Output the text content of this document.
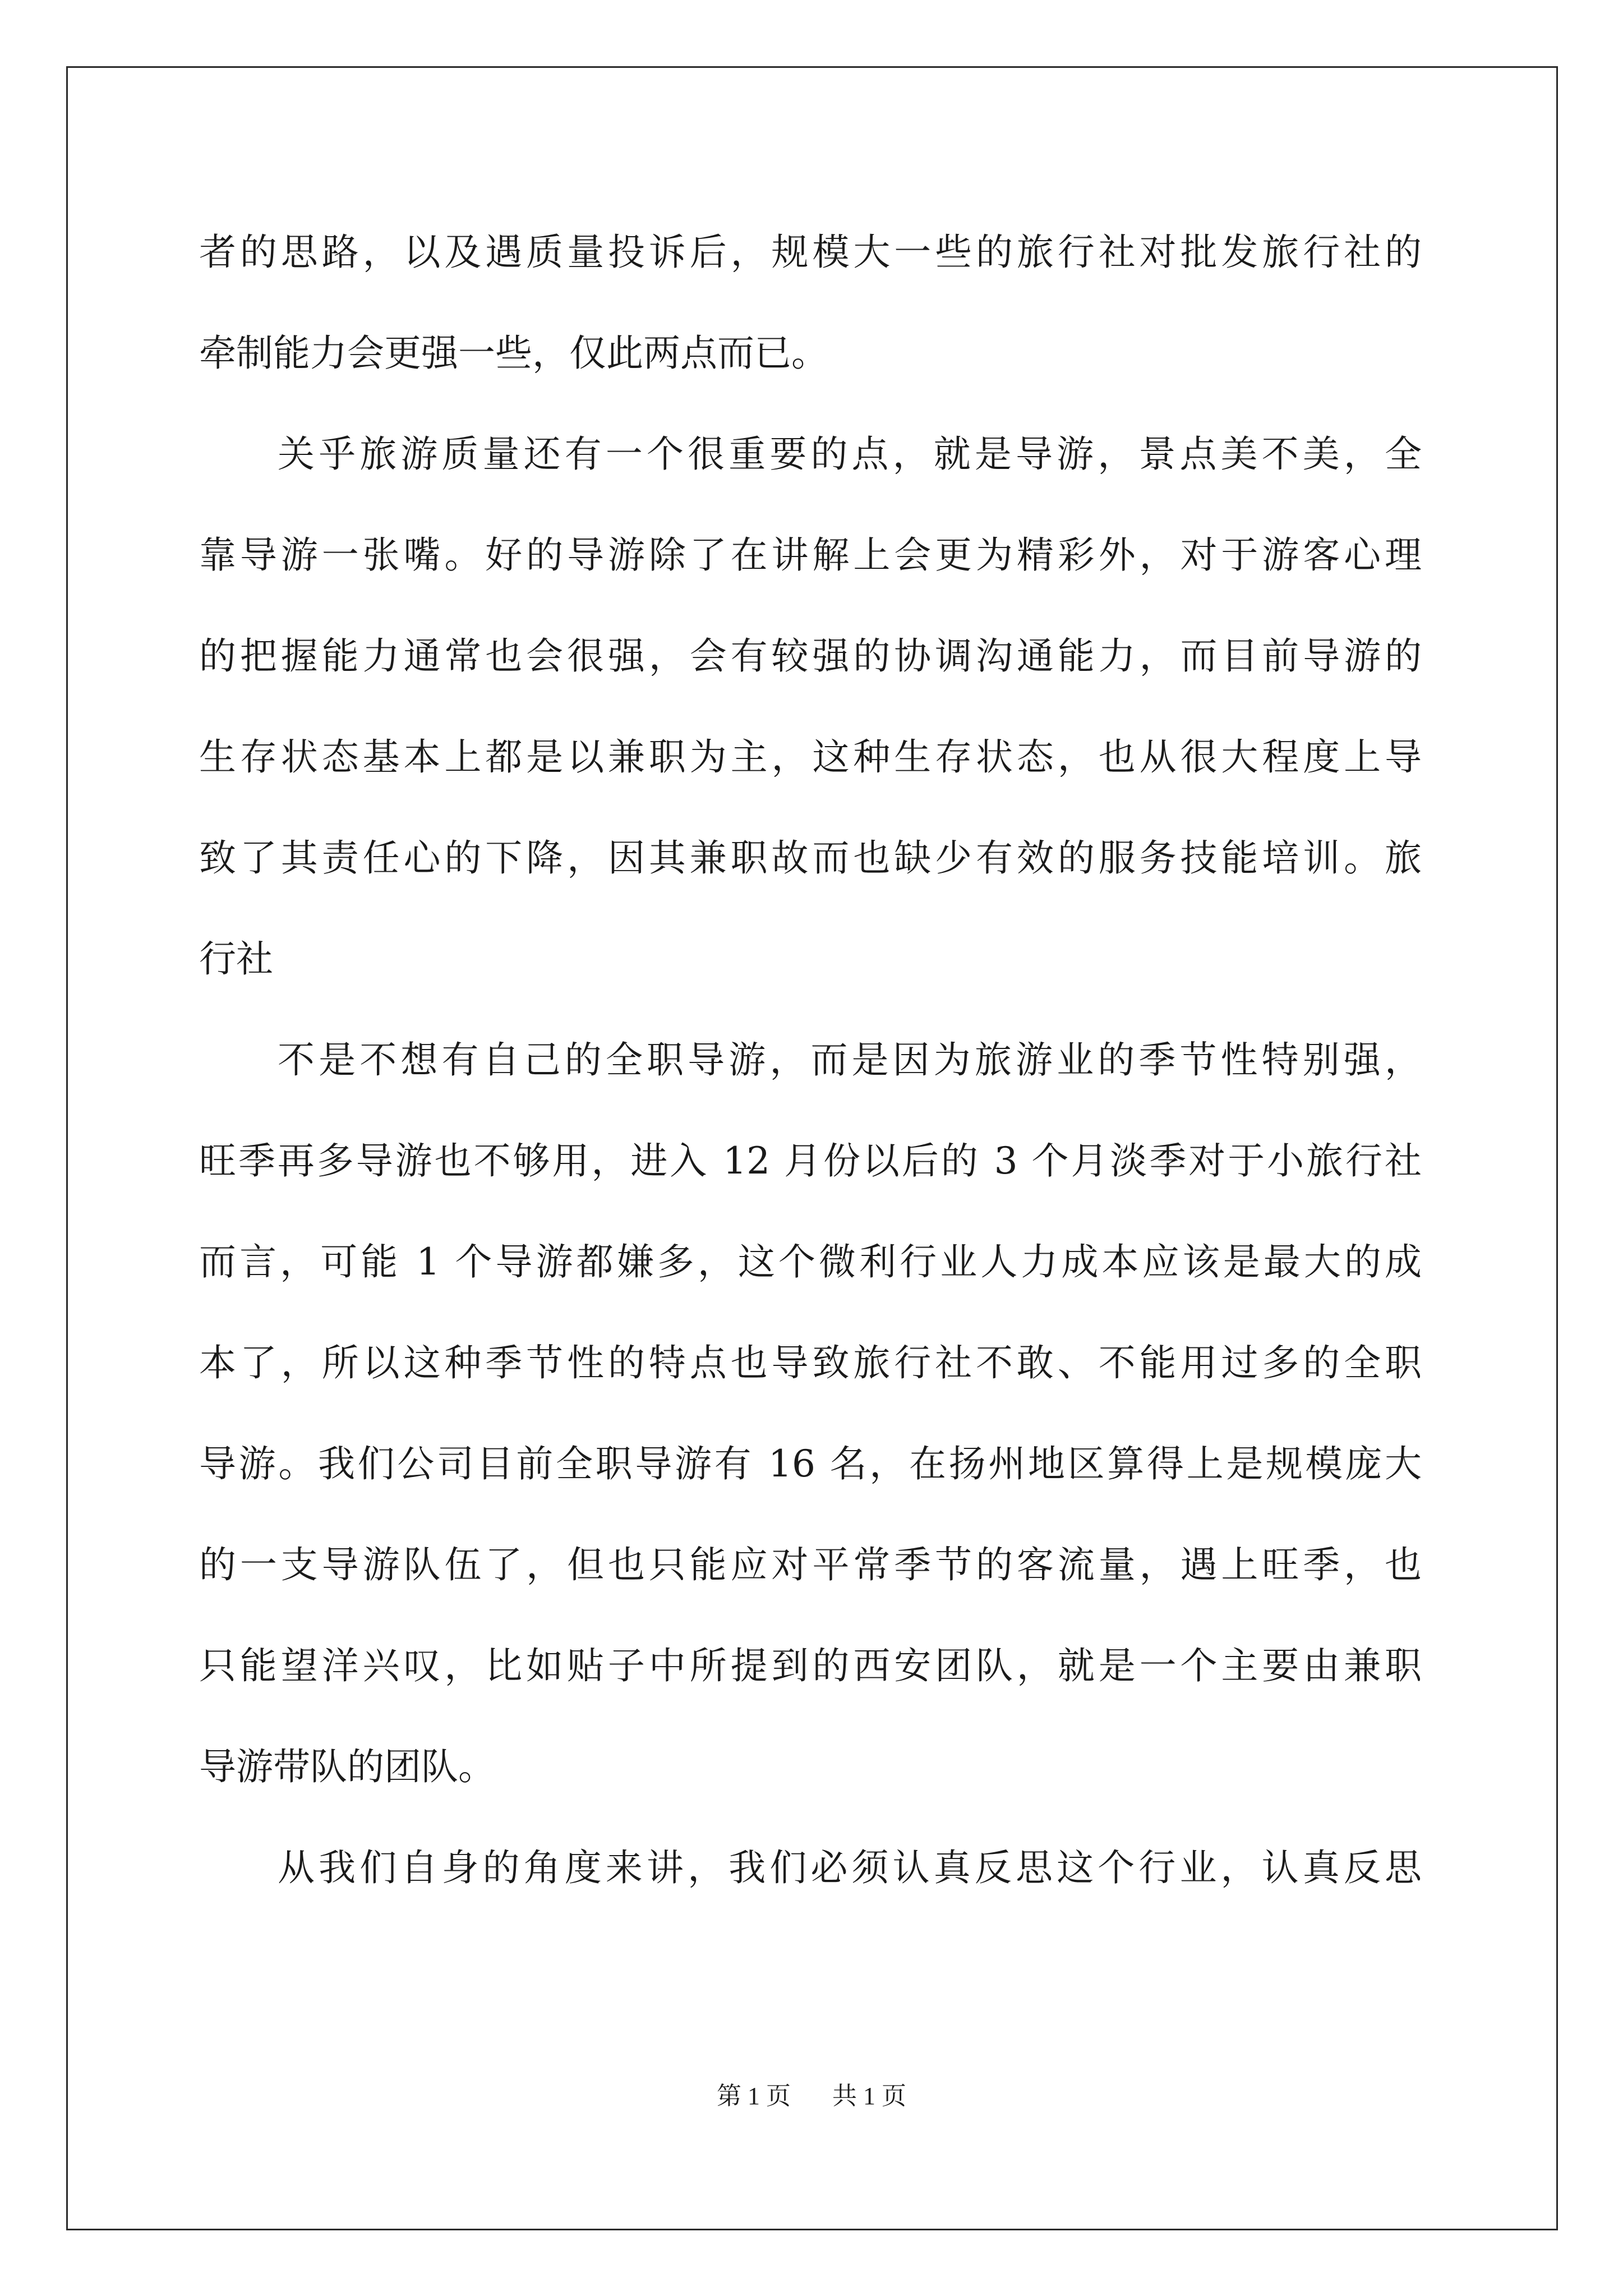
者的思路，以及遇质量投诉后，规模大一些的旅行社对批发旅行社的
牵制能力会更强一些，仅此两点而已。
关乎旅游质量还有一个很重要的点，就是导游，景点美不美，全
靠导游一张嘴。好的导游除了在讲解上会更为精彩外，对于游客心理
的把握能力通常也会很强，会有较强的协调沟通能力，而目前导游的
生存状态基本上都是以兼职为主，这种生存状态，也从很大程度上导
致了其责任心的下降，因其兼职故而也缺少有效的服务技能培训。旅
行社
不是不想有自己的全职导游，而是因为旅游业的季节性特别强，
旺季再多导游也不够用，进入 12 月份以后的 3 个月淡季对于小旅行社
而言，可能 1 个导游都嫌多，这个微利行业人力成本应该是最大的成
本了，所以这种季节性的特点也导致旅行社不敢、不能用过多的全职
导游。我们公司目前全职导游有 16 名，在扬州地区算得上是规模庞大
的一支导游队伍了，但也只能应对平常季节的客流量，遇上旺季，也
只能望洋兴叹，比如贴子中所提到的西安团队，就是一个主要由兼职
导游带队的团队。
从我们自身的角度来讲，我们必须认真反思这个行业，认真反思
第 1 页 共 1 页
